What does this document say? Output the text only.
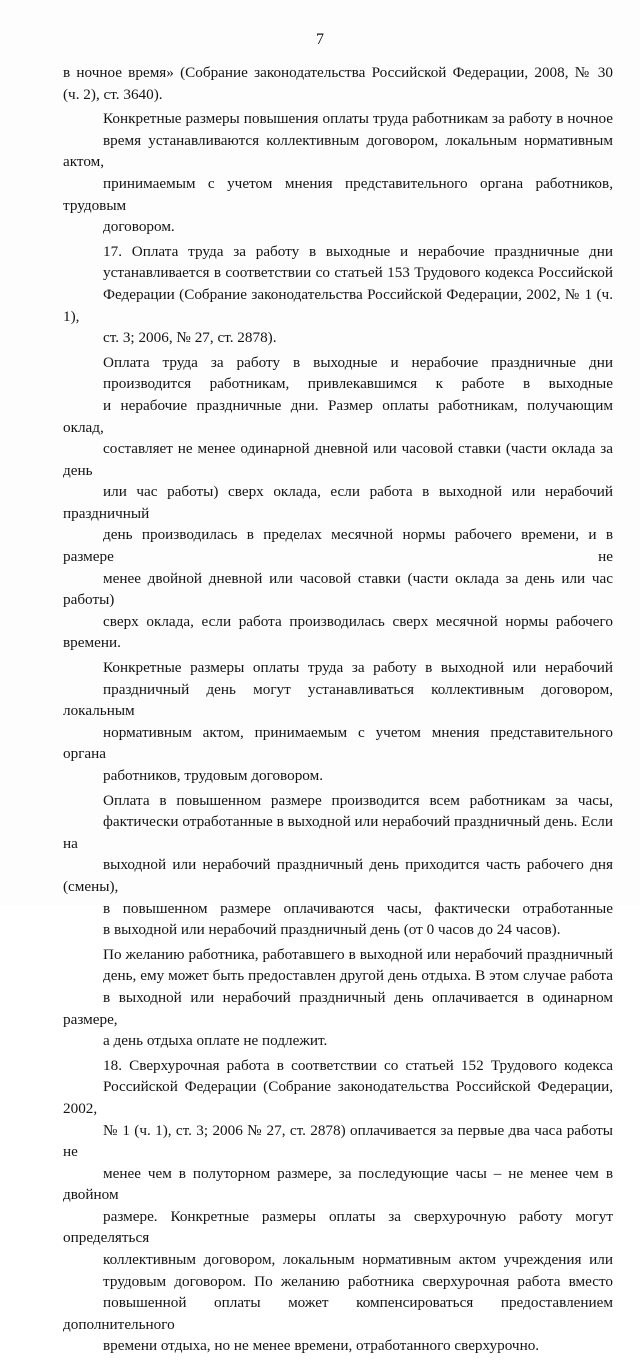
7
в ночное время» (Собрание законодательства Российской Федерации, 2008, № 30
(ч. 2), ст. 3640).
Конкретные размеры повышения оплаты труда работникам за работу в ночное
время устанавливаются коллективным договором, локальным нормативным актом,
принимаемым с учетом мнения представительного органа работников, трудовым
договором.
17. Оплата труда за работу в выходные и нерабочие праздничные дни
устанавливается в соответствии со статьей 153 Трудового кодекса Российской
Федерации (Собрание законодательства Российской Федерации, 2002, № 1 (ч. 1),
ст. 3; 2006, № 27, ст. 2878).
Оплата труда за работу в выходные и нерабочие праздничные дни
производится работникам, привлекавшимся к работе в выходные
и нерабочие праздничные дни. Размер оплаты работникам, получающим оклад,
составляет не менее одинарной дневной или часовой ставки (части оклада за день
или час работы) сверх оклада, если работа в выходной или нерабочий праздничный
день производилась в пределах месячной нормы рабочего времени, и в размере не
менее двойной дневной или часовой ставки (части оклада за день или час работы)
сверх оклада, если работа производилась сверх месячной нормы рабочего времени.
Конкретные размеры оплаты труда за работу в выходной или нерабочий
праздничный день могут устанавливаться коллективным договором, локальным
нормативным актом, принимаемым с учетом мнения представительного органа
работников, трудовым договором.
Оплата в повышенном размере производится всем работникам за часы,
фактически отработанные в выходной или нерабочий праздничный день. Если на
выходной или нерабочий праздничный день приходится часть рабочего дня (смены),
в повышенном размере оплачиваются часы, фактически отработанные
в выходной или нерабочий праздничный день (от 0 часов до 24 часов).
По желанию работника, работавшего в выходной или нерабочий праздничный
день, ему может быть предоставлен другой день отдыха. В этом случае работа
в выходной или нерабочий праздничный день оплачивается в одинарном размере,
а день отдыха оплате не подлежит.
18. Сверхурочная работа в соответствии со статьей 152 Трудового кодекса
Российской Федерации (Собрание законодательства Российской Федерации, 2002,
№ 1 (ч. 1), ст. 3; 2006 № 27, ст. 2878) оплачивается за первые два часа работы не
менее чем в полуторном размере, за последующие часы – не менее чем в двойном
размере. Конкретные размеры оплаты за сверхурочную работу могут определяться
коллективным договором, локальным нормативным актом учреждения или
трудовым договором. По желанию работника сверхурочная работа вместо
повышенной оплаты может компенсироваться предоставлением дополнительного
времени отдыха, но не менее времени, отработанного сверхурочно.
